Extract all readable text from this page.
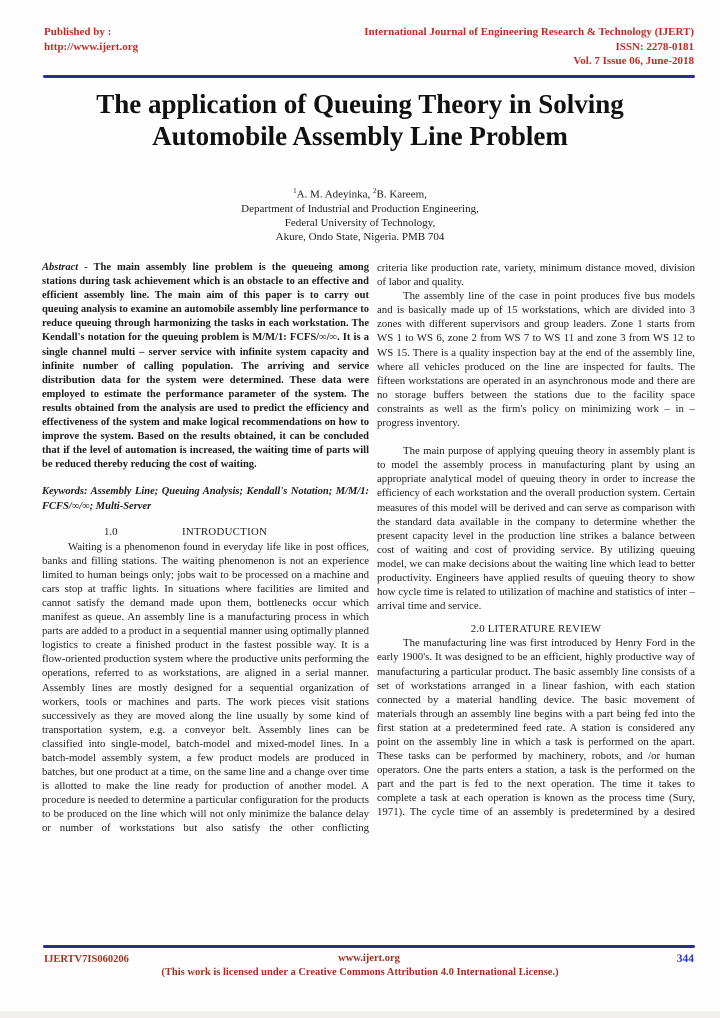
Published by :
http://www.ijert.org
International Journal of Engineering Research & Technology (IJERT)
ISSN: 2278-0181
Vol. 7 Issue 06, June-2018
The application of Queuing Theory in Solving
Automobile Assembly Line Problem
$^1$A. M. Adeyinka, $^2$B. Kareem,
Department of Industrial and Production Engineering,
Federal University of Technology,
Akure, Ondo State, Nigeria. PMB 704

Abstract - The main assembly line problem is the queueing among stations during task achievement which is an obstacle to an effective and efficient assembly line. The main aim of this paper is to carry out queuing analysis to examine an automobile assembly line performance to reduce queuing through harmonizing the tasks in each workstation. The Kendall's notation for the queuing problem is M/M/1: FCFS/∞/∞. It is a single channel multi – server service with infinite system capacity and infinite number of calling population. The arriving and service distribution data for the system were determined. These data were employed to estimate the performance parameter of the system. The results obtained from the analysis are used to predict the efficiency and effectiveness of the system and make logical recommendations on how to improve the system. Based on the results obtained, it can be concluded that if the level of automation is increased, the waiting time of parts will be reduced thereby reducing the cost of waiting.

Keywords: Assembly Line; Queuing Analysis; Kendall's Notation; M/M/1: FCFS/∞/∞; Multi-Server

1.0	INTRODUCTION

Waiting is a phenomenon found in everyday life like in post offices, banks and filling stations. The waiting phenomenon is not an experience limited to human beings only; jobs wait to be processed on a machine and cars stop at traffic lights. In situations where facilities are limited and cannot satisfy the demand made upon them, bottlenecks occur which manifest as queue. An assembly line is a manufacturing process in which parts are added to a product in a sequential manner using optimally planned logistics to create a finished product in the fastest possible way. It is a flow-oriented production system where the productive units performing the operations, referred to as workstations, are aligned in a serial manner. Assembly lines are mostly designed for a sequential organization of workers, tools or machines and parts. The work pieces visit stations successively as they are moved along the line usually by some kind of transportation system, e.g. a conveyor belt. Assembly lines can be classified into single-model, batch-model and mixed-model lines. In a batch-model assembly system, a few product models are produced in batches, but one product at a time, on the same line and a change over time is allotted to make the line ready for production of another model. A procedure is needed to determine a particular configuration for the products to be produced on the line which will not only minimize the balance delay or number of workstations but also satisfy the other conflicting

criteria like production rate, variety, minimum distance moved, division of labor and quality.

The assembly line of the case in point produces five bus models and is basically made up of 15 workstations, which are divided into 3 zones with different supervisors and group leaders. Zone 1 starts from WS 1 to WS 6, zone 2 from WS 7 to WS 11 and zone 3 from WS 12 to WS 15. There is a quality inspection bay at the end of the assembly line, where all vehicles produced on the line are inspected for faults. The fifteen workstations are operated in an asynchronous mode and there are no storage buffers between the stations due to the facility space constraints as well as the firm's policy on minimizing work – in – progress inventory.

The main purpose of applying queuing theory in assembly plant is to model the assembly process in manufacturing plant by using an appropriate analytical model of queuing theory in order to increase the efficiency of each workstation and the overall production system. Certain measures of this model will be derived and can serve as comparison with the standard data available in the company to determine whether the present capacity level in the production line strikes a balance between cost of waiting and cost of providing service. By utilizing queuing model, we can make decisions about the waiting line which lead to better productivity. Engineers have applied results of queuing theory to show how cycle time is related to utilization of machine and statistics of inter – arrival time and service.

2.0 LITERATURE REVIEW

The manufacturing line was first introduced by Henry Ford in the early 1900's. It was designed to be an efficient, highly productive way of manufacturing a particular product. The basic assembly line consists of a set of workstations arranged in a linear fashion, with each station connected by a material handling device. The basic movement of materials through an assembly line begins with a part being fed into the first station at a predetermined feed rate. A station is considered any point on the assembly line in which a task is performed on the apart. These tasks can be performed by machinery, robots, and /or human operators. One the parts enters a station, a task is the performed on the part and the part is fed to the next operation. The time it takes to complete a task at each operation is known as the process time (Sury, 1971). The cycle time of an assembly is predetermined by a desired

IJERTV7IS060206	www.ijert.org	344
(This work is licensed under a Creative Commons Attribution 4.0 International License.)
